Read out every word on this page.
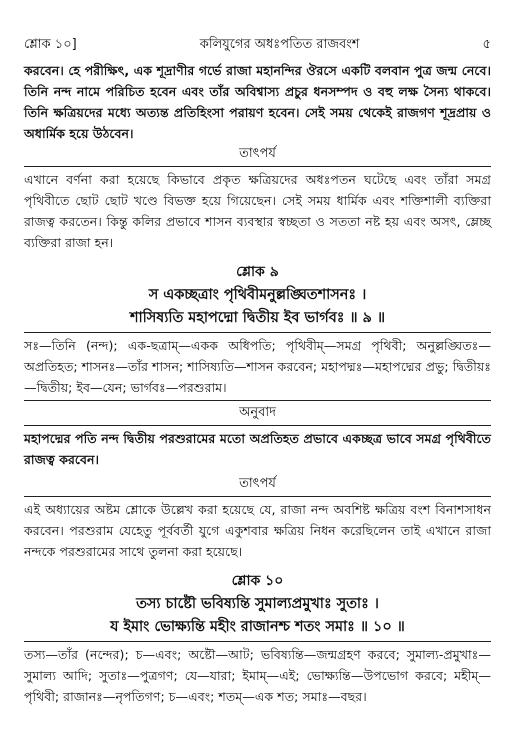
শ্লোক ১০]	কলিযুগের অধঃপতিত রাজবংশ	৫

করবেন। হে পরীক্ষিৎ, এক শূদ্রাণীর গর্ভে রাজা মহানন্দির ঔরসে একটি বলবান পুত্র জন্ম নেবে। তিনি নন্দ নামে পরিচিত হবেন এবং তাঁর অবিশ্বাস্য প্রচুর ধনসম্পদ ও বহু লক্ষ সৈন্য থাকবে। তিনি ক্ষত্রিয়দের মধ্যে অত্যন্ত প্রতিহিংসা পরায়ণ হবেন। সেই সময় থেকেই রাজগণ শূদ্রপ্রায় ও অধার্মিক হয়ে উঠবেন।

তাৎপর্য

এখানে বর্ণনা করা হয়েছে কিভাবে প্রকৃত ক্ষত্রিয়দের অধঃপতন ঘটেছে এবং তাঁরা সমগ্র পৃথিবীতে ছোট ছোট খণ্ডে বিভক্ত হয়ে গিয়েছেন। সেই সময় ধার্মিক এবং শক্তিশালী ব্যক্তিরা রাজত্ব করতেন। কিন্তু কলির প্রভাবে শাসন ব্যবস্থার স্বচ্ছতা ও সততা নষ্ট হয় এবং অসৎ, ম্লেচ্ছ ব্যক্তিরা রাজা হন।

শ্লোক ৯
স একচ্ছত্রাং পৃথিবীমনুল্লঙ্ঘিতশাসনঃ ।
শাসিষ্যতি মহাপদ্মো দ্বিতীয় ইব ভার্গবঃ ॥ ৯ ॥

সঃ—তিনি (নন্দ); এক-ছত্রাম্—একক অধিপতি; পৃথিবীম্—সমগ্র পৃথিবী; অনুল্লঙ্ঘিতঃ—অপ্রতিহত; শাসনঃ—তাঁর শাসন; শাসিষ্যতি—শাসন করবেন; মহাপদ্মঃ—মহাপদ্মের প্রভু; দ্বিতীয়ঃ—দ্বিতীয়; ইব—যেন; ভার্গবঃ—পরশুরাম।

অনুবাদ

মহাপদ্মের পতি নন্দ দ্বিতীয় পরশুরামের মতো অপ্রতিহত প্রভাবে একচ্ছত্র ভাবে সমগ্র পৃথিবীতে রাজত্ব করবেন।

তাৎপর্য

এই অধ্যায়ের অষ্টম শ্লোকে উল্লেখ করা হয়েছে যে, রাজা নন্দ অবশিষ্ট ক্ষত্রিয় বংশ বিনাশসাধন করবেন। পরশুরাম যেহেতু পূর্ববর্তী যুগে একুশবার ক্ষত্রিয় নিধন করেছিলেন তাই এখানে রাজা নন্দকে পরশুরামের সাথে তুলনা করা হয়েছে।

শ্লোক ১০
তস্য চাষ্টৌ ভবিষ্যন্তি সুমাল্যপ্রমুখাঃ সুতাঃ ।
য ইমাং ভোক্ষ্যন্তি মহীং রাজানশ্চ শতং সমাঃ ॥ ১০ ॥

তস্য—তাঁর (নন্দের); চ—এবং; অষ্টৌ—আট; ভবিষ্যন্তি—জন্মগ্রহণ করবে; সুমাল্য-প্রমুখাঃ—সুমাল্য আদি; সুতাঃ—পুত্রগণ; যে—যারা; ইমাম্—এই; ভোক্ষ্যন্তি—উপভোগ করবে; মহীম্—পৃথিবী; রাজানঃ—নৃপতিগণ; চ—এবং; শতম্—এক শত; সমাঃ—বছর।
